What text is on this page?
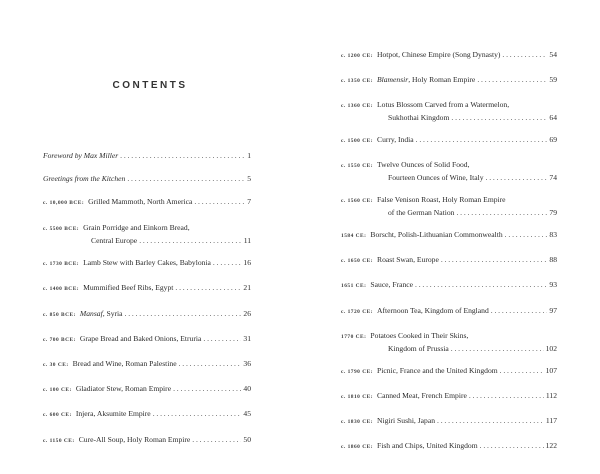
CONTENTS
Foreword by Max Miller .....	1
Greetings from the Kitchen .....	5
c. 10,000 BCE: Grilled Mammoth, North America .....	7
c. 5500 BCE: Grain Porridge and Einkorn Bread,
Central Europe .....	11
c. 1730 BCE: Lamb Stew with Barley Cakes, Babylonia .....	16
c. 1400 BCE: Mummified Beef Ribs, Egypt .....	21
c. 850 BCE: Mansaf, Syria .....	26
c. 700 BCE: Grape Bread and Baked Onions, Etruria .....	31
c. 30 CE: Bread and Wine, Roman Palestine .....	36
c. 100 CE: Gladiator Stew, Roman Empire .....	40
c. 600 CE: Injera, Aksumite Empire .....	45
c. 1150 CE: Cure-All Soup, Holy Roman Empire .....	50
c. 1200 CE: Hotpot, Chinese Empire (Song Dynasty) .....	54
c. 1350 CE: Blamensir, Holy Roman Empire .....	59
c. 1360 CE: Lotus Blossom Carved from a Watermelon,
Sukhothai Kingdom .....	64
c. 1500 CE: Curry, India .....	69
c. 1550 CE: Twelve Ounces of Solid Food,
Fourteen Ounces of Wine, Italy .....	74
c. 1560 CE: False Venison Roast, Holy Roman Empire
of the German Nation .....	79
1584 CE: Borscht, Polish-Lithuanian Commonwealth .....	83
c. 1650 CE: Roast Swan, Europe .....	88
1651 CE: Sauce, France .....	93
c. 1720 CE: Afternoon Tea, Kingdom of England .....	97
1770 CE: Potatoes Cooked in Their Skins,
Kingdom of Prussia .....	102
c. 1790 CE: Picnic, France and the United Kingdom .....	107
c. 1810 CE: Canned Meat, French Empire .....	112
c. 1830 CE: Nigiri Sushi, Japan .....	117
c. 1860 CE: Fish and Chips, United Kingdom .....	122
